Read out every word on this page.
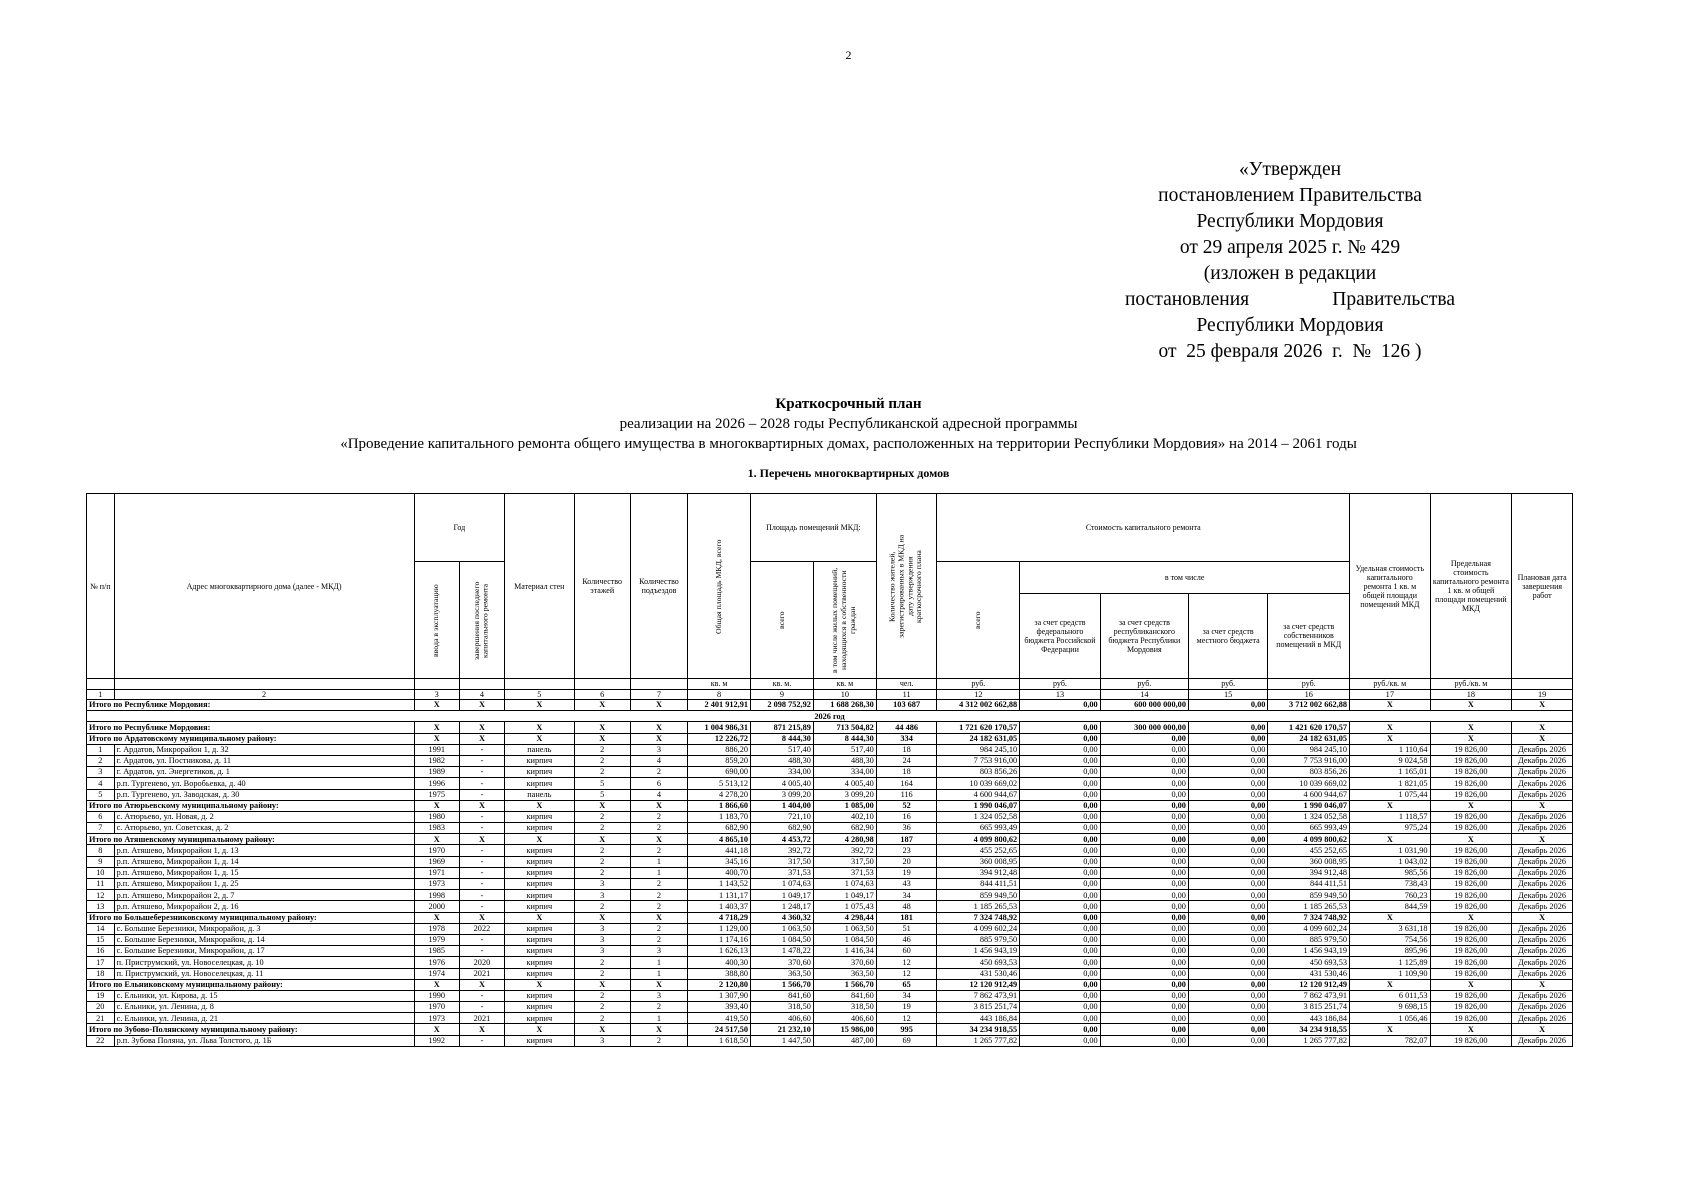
2
«Утвержден
постановлением Правительства
Республики Мордовия
от 29 апреля 2025 г. № 429
(изложен в редакции
постановления	Правительства
Республики Мордовия
от  25 февраля 2026  г.  №  126 )
Краткосрочный план
реализации на 2026 – 2028 годы Республиканской адресной программы
«Проведение капитального ремонта общего имущества в многоквартирных домах, расположенных на территории Республики Мордовия» на 2014 – 2061 годы
1. Перечень многоквартирных домов
№ п/п	Адрес многоквартирного дома (далее - МКД)	Год		Материал стен	Количество этажей	Количество подъездов	Общая площадь МКД, всего	Площадь помещений МКД:		Количество жителей, зарегистрированных в МКД на дату утверждения краткосрочного плана	Стоимость капитального ремонта					Удельная стоимость капитального ремонта 1 кв. м общей площади помещений МКД	Предельная стоимость капитального ремонта 1 кв. м общей площади помещений МКД	Плановая дата завершения работ
		ввода в эксплуатацию	завершения последнего капитального ремонта					всего	в том числе жилых помещений, находящихся в собственности граждан		всего	в том числе						
												за счет средств федерального бюджета Российской Федерации	за счет средств республиканского бюджета Республики Мордовия	за счет средств местного бюджета	за счет средств собственников помещений в МКД			
							кв. м	кв. м.	кв. м	чел.	руб.	руб.	руб.	руб.	руб.	руб./кв. м	руб./кв. м	
1	2	3	4	5	6	7	8	9	10	11	12	13	14	15	16	17	18	19
Итого по Республике Мордовия:		X	X	X	X	X	2 401 912,91	2 098 752,92	1 688 268,30	103 687	4 312 002 662,88	0,00	600 000 000,00	0,00	3 712 002 662,88	X	X	X
2026 год																		
Итого по Республике Мордовия:		X	X	X	X	X	1 004 986,31	871 215,89	713 504,82	44 486	1 721 620 170,57	0,00	300 000 000,00	0,00	1 421 620 170,57	X	X	X
Итого по Ардатовскому муниципальному району:		X	X	X	X	X	12 226,72	8 444,30	8 444,30	334	24 182 631,05	0,00	0,00	0,00	24 182 631,05	X	X	X
1	г. Ардатов, Микрорайон 1, д. 32	1991	-	панель	2	3	886,20	517,40	517,40	18	984 245,10	0,00	0,00	0,00	984 245,10	1 110,64	19 826,00	Декабрь 2026
2	г. Ардатов, ул. Постникова, д. 11	1982	-	кирпич	2	4	859,20	488,30	488,30	24	7 753 916,00	0,00	0,00	0,00	7 753 916,00	9 024,58	19 826,00	Декабрь 2026
3	г. Ардатов, ул. Энергетиков, д. 1	1989	-	кирпич	2	2	690,00	334,00	334,00	18	803 856,26	0,00	0,00	0,00	803 856,26	1 165,01	19 826,00	Декабрь 2026
4	р.п. Тургенево, ул. Воробьевка, д. 40	1996	-	кирпич	5	6	5 513,12	4 005,40	4 005,40	164	10 039 669,02	0,00	0,00	0,00	10 039 669,02	1 821,05	19 826,00	Декабрь 2026
5	р.п. Тургенево, ул. Заводская, д. 30	1975	-	панель	5	4	4 278,20	3 099,20	3 099,20	116	4 600 944,67	0,00	0,00	0,00	4 600 944,67	1 075,44	19 826,00	Декабрь 2026
Итого по Атюрьевскому муниципальному району:		X	X	X	X	X	1 866,60	1 404,00	1 085,00	52	1 990 046,07	0,00	0,00	0,00	1 990 046,07	X	X	X
6	с. Атюрьево, ул. Новая, д. 2	1980	-	кирпич	2	2	1 183,70	721,10	402,10	16	1 324 052,58	0,00	0,00	0,00	1 324 052,58	1 118,57	19 826,00	Декабрь 2026
7	с. Атюрьево, ул. Советская, д. 2	1983	-	кирпич	2	2	682,90	682,90	682,90	36	665 993,49	0,00	0,00	0,00	665 993,49	975,24	19 826,00	Декабрь 2026
Итого по Атяшевскому муниципальному району:		X	X	X	X	X	4 865,10	4 453,72	4 280,98	187	4 099 800,62	0,00	0,00	0,00	4 099 800,62	X	X	X
8	р.п. Атяшево, Микрорайон 1, д. 13	1970	-	кирпич	2	2	441,18	392,72	392,72	23	455 252,65	0,00	0,00	0,00	455 252,65	1 031,90	19 826,00	Декабрь 2026
9	р.п. Атяшево, Микрорайон 1, д. 14	1969	-	кирпич	2	1	345,16	317,50	317,50	20	360 008,95	0,00	0,00	0,00	360 008,95	1 043,02	19 826,00	Декабрь 2026
10	р.п. Атяшево, Микрорайон 1, д. 15	1971	-	кирпич	2	1	400,70	371,53	371,53	19	394 912,48	0,00	0,00	0,00	394 912,48	985,56	19 826,00	Декабрь 2026
11	р.п. Атяшево, Микрорайон 1, д. 25	1973	-	кирпич	3	2	1 143,52	1 074,63	1 074,63	43	844 411,51	0,00	0,00	0,00	844 411,51	738,43	19 826,00	Декабрь 2026
12	р.п. Атяшево, Микрорайон 2, д. 7	1998	-	кирпич	3	2	1 131,17	1 049,17	1 049,17	34	859 949,50	0,00	0,00	0,00	859 949,50	760,23	19 826,00	Декабрь 2026
13	р.п. Атяшево, Микрорайон 2, д. 16	2000	-	кирпич	2	2	1 403,37	1 248,17	1 075,43	48	1 185 265,53	0,00	0,00	0,00	1 185 265,53	844,59	19 826,00	Декабрь 2026
Итого по Большеберезниковскому муниципальному району:		X	X	X	X	X	4 718,29	4 360,32	4 298,44	181	7 324 748,92	0,00	0,00	0,00	7 324 748,92	X	X	X
14	с. Большие Березники, Микрорайон, д. 3	1978	2022	кирпич	3	2	1 129,00	1 063,50	1 063,50	51	4 099 602,24	0,00	0,00	0,00	4 099 602,24	3 631,18	19 826,00	Декабрь 2026
15	с. Большие Березники, Микрорайон, д. 14	1979	-	кирпич	3	2	1 174,16	1 084,50	1 084,50	46	885 979,50	0,00	0,00	0,00	885 979,50	754,56	19 826,00	Декабрь 2026
16	с. Большие Березники, Микрорайон, д. 17	1985	-	кирпич	3	3	1 626,13	1 478,22	1 416,34	60	1 456 943,19	0,00	0,00	0,00	1 456 943,19	895,96	19 826,00	Декабрь 2026
17	п. Приструмский, ул. Новоселецкая, д. 10	1976	2020	кирпич	2	1	400,30	370,60	370,60	12	450 693,53	0,00	0,00	0,00	450 693,53	1 125,89	19 826,00	Декабрь 2026
18	п. Приструмский, ул. Новоселецкая, д. 11	1974	2021	кирпич	2	1	388,80	363,50	363,50	12	431 530,46	0,00	0,00	0,00	431 530,46	1 109,90	19 826,00	Декабрь 2026
Итого по Ельниковскому муниципальному району:		X	X	X	X	X	2 120,80	1 566,70	1 566,70	65	12 120 912,49	0,00	0,00	0,00	12 120 912,49	X	X	X
19	с. Ельники, ул. Кирова, д. 15	1990	-	кирпич	2	3	1 307,90	841,60	841,60	34	7 862 473,91	0,00	0,00	0,00	7 862 473,91	6 011,53	19 826,00	Декабрь 2026
20	с. Ельники, ул. Ленина, д. 8	1970	-	кирпич	2	2	393,40	318,50	318,50	19	3 815 251,74	0,00	0,00	0,00	3 815 251,74	9 698,15	19 826,00	Декабрь 2026
21	с. Ельники, ул. Ленина, д. 21	1973	2021	кирпич	2	1	419,50	406,60	406,60	12	443 186,84	0,00	0,00	0,00	443 186,84	1 056,46	19 826,00	Декабрь 2026
Итого по Зубово-Полянскому муниципальному району:		X	X	X	X	X	24 517,50	21 232,10	15 986,00	995	34 234 918,55	0,00	0,00	0,00	34 234 918,55	X	X	X
22	р.п. Зубова Поляна, ул. Льва Толстого, д. 1Б	1992	-	кирпич	3	2	1 618,50	1 447,50	487,00	69	1 265 777,82	0,00	0,00	0,00	1 265 777,82	782,07	19 826,00	Декабрь 2026
